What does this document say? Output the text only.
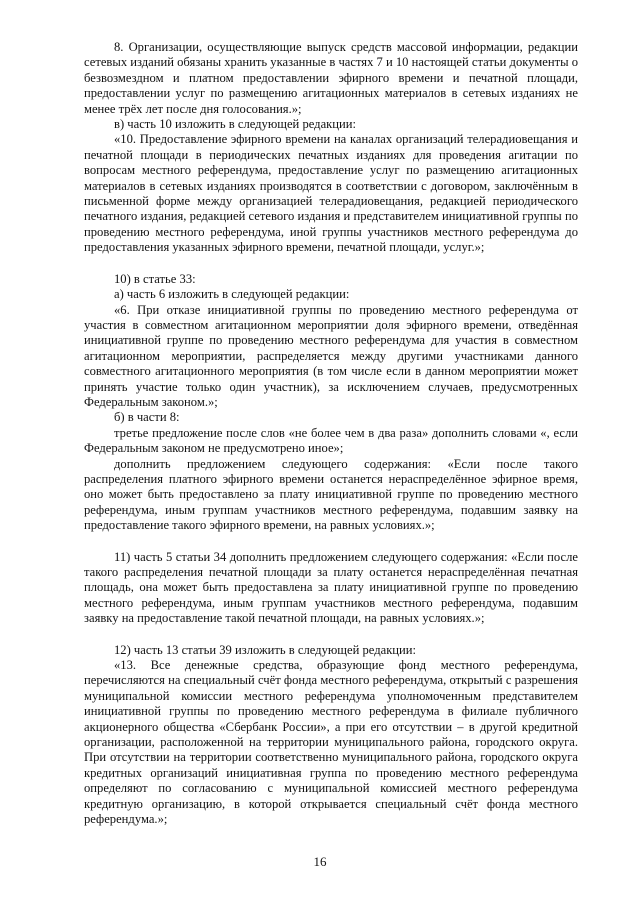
8. Организации, осуществляющие выпуск средств массовой информации, редакции сетевых изданий обязаны хранить указанные в частях 7 и 10 настоящей статьи документы о безвозмездном и платном предоставлении эфирного времени и печатной площади, предоставлении услуг по размещению агитационных материалов в сетевых изданиях не менее трёх лет после дня голосования.»;

в) часть 10 изложить в следующей редакции:

«10. Предоставление эфирного времени на каналах организаций телерадиовещания и печатной площади в периодических печатных изданиях для проведения агитации по вопросам местного референдума, предоставление услуг по размещению агитационных материалов в сетевых изданиях производятся в соответствии с договором, заключённым в письменной форме между организацией телерадиовещания, редакцией периодического печатного издания, редакцией сетевого издания и представителем инициативной группы по проведению местного референдума, иной группы участников местного референдума до предоставления указанных эфирного времени, печатной площади, услуг.»;

10) в статье 33:

а) часть 6 изложить в следующей редакции:

«6. При отказе инициативной группы по проведению местного референдума от участия в совместном агитационном мероприятии доля эфирного времени, отведённая инициативной группе по проведению местного референдума для участия в совместном агитационном мероприятии, распределяется между другими участниками данного совместного агитационного мероприятия (в том числе если в данном мероприятии может принять участие только один участник), за исключением случаев, предусмотренных Федеральным законом.»;

б) в части 8:

третье предложение после слов «не более чем в два раза» дополнить словами «, если Федеральным законом не предусмотрено иное»;

дополнить предложением следующего содержания: «Если после такого распределения платного эфирного времени останется нераспределённое эфирное время, оно может быть предоставлено за плату инициативной группе по проведению местного референдума, иным группам участников местного референдума, подавшим заявку на предоставление такого эфирного времени, на равных условиях.»;

11) часть 5 статьи 34 дополнить предложением следующего содержания: «Если после такого распределения печатной площади за плату останется нераспределённая печатная площадь, она может быть предоставлена за плату инициативной группе по проведению местного референдума, иным группам участников местного референдума, подавшим заявку на предоставление такой печатной площади, на равных условиях.»;

12) часть 13 статьи 39 изложить в следующей редакции:

«13. Все денежные средства, образующие фонд местного референдума, перечисляются на специальный счёт фонда местного референдума, открытый с разрешения муниципальной комиссии местного референдума уполномоченным представителем инициативной группы по проведению местного референдума в филиале публичного акционерного общества «Сбербанк России», а при его отсутствии – в другой кредитной организации, расположенной на территории муниципального района, городского округа. При отсутствии на территории соответственно муниципального района, городского округа кредитных организаций инициативная группа по проведению местного референдума определяют по согласованию с муниципальной комиссией местного референдума кредитную организацию, в которой открывается специальный счёт фонда местного референдума.»;

16
